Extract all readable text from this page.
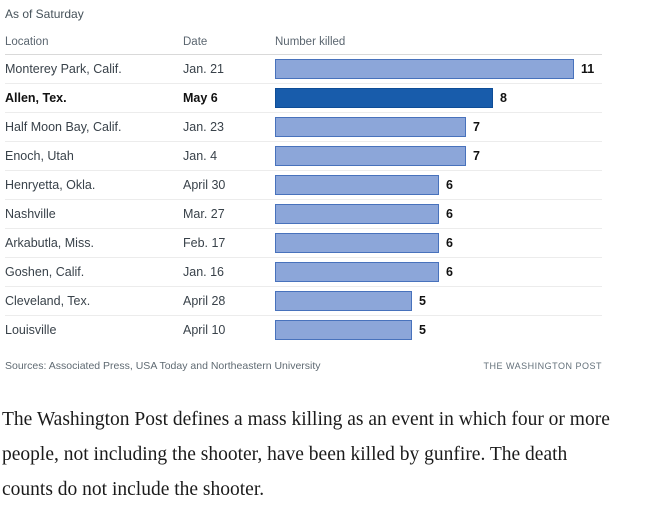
As of Saturday
Location	Date	Number killed
Monterey Park, Calif.	Jan. 21	11
Allen, Tex.	May 6	8
Half Moon Bay, Calif.	Jan. 23	7
Enoch, Utah	Jan. 4	7
Henryetta, Okla.	April 30	6
Nashville	Mar. 27	6
Arkabutla, Miss.	Feb. 17	6
Goshen, Calif.	Jan. 16	6
Cleveland, Tex.	April 28	5
Louisville	April 10	5
Sources: Associated Press, USA Today and Northeastern University	THE WASHINGTON POST

The Washington Post defines a mass killing as an event in which four or more people, not including the shooter, have been killed by gunfire. The death counts do not include the shooter.
